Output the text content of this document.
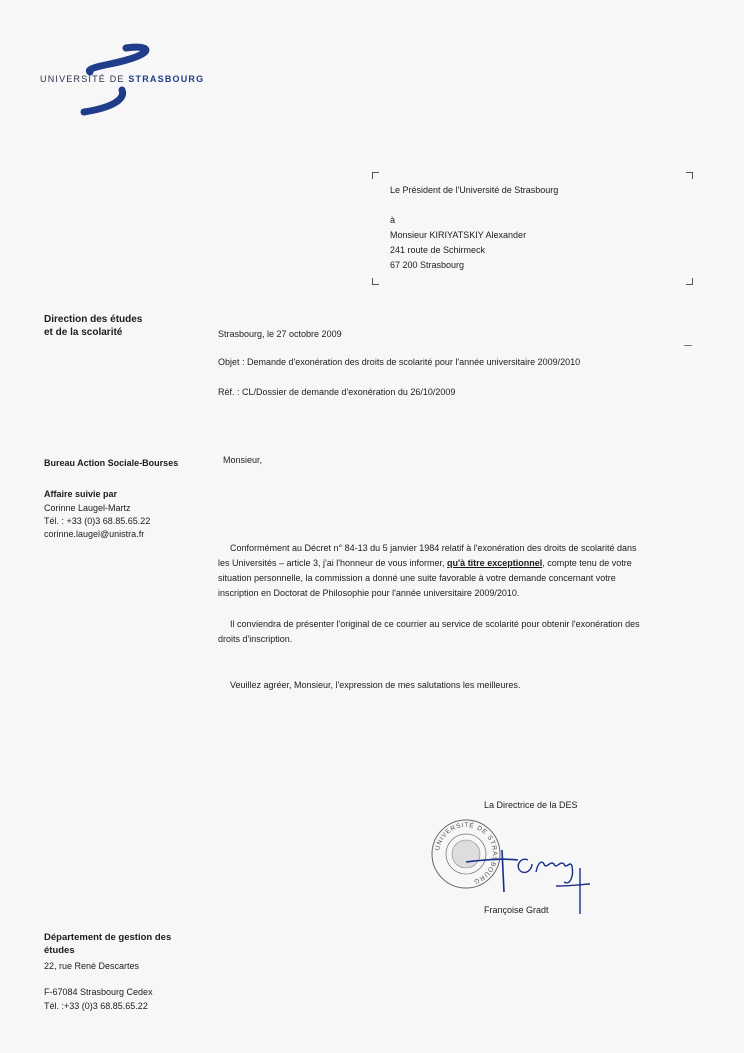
UNIVERSITÉ DE STRASBOURG
Le Président de l'Université de Strasbourg
à
Monsieur KIRIYATSKIY Alexander
241 route de Schirmeck
67 200 Strasbourg
Direction des études
et de la scolarité
Bureau Action Sociale-Bourses
Affaire suivie par
Corinne Laugel-Martz
Tél. : +33 (0)3 68.85.65.22
corinne.laugel@unistra.fr
Département de gestion des
études
22, rue René Descartes
F-67084 Strasbourg Cedex
Tél. :+33 (0)3 68.85.65.22
Strasbourg, le 27 octobre 2009
Objet : Demande d'exonération des droits de scolarité pour l'année universitaire 2009/2010
Réf. : CL/Dossier de demande d'exonération du 26/10/2009
Monsieur,
Conformément au Décret n° 84-13 du 5 janvier 1984 relatif à l'exonération des droits de scolarité dans
les Universités – article 3, j'ai l'honneur de vous informer, qu'à titre exceptionnel, compte tenu de votre
situation personnelle, la commission a donné une suite favorable à votre demande concernant votre
inscription en Doctorat de Philosophie pour l'année universitaire 2009/2010.
Il conviendra de présenter l'original de ce courrier au service de scolarité pour obtenir l'exonération des
droits d'inscription.
Veuillez agréer, Monsieur, l'expression de mes salutations les meilleures.
La Directrice de la DES
UNIVERSITÉ DE STRASBOURG
Françoise Gradt
